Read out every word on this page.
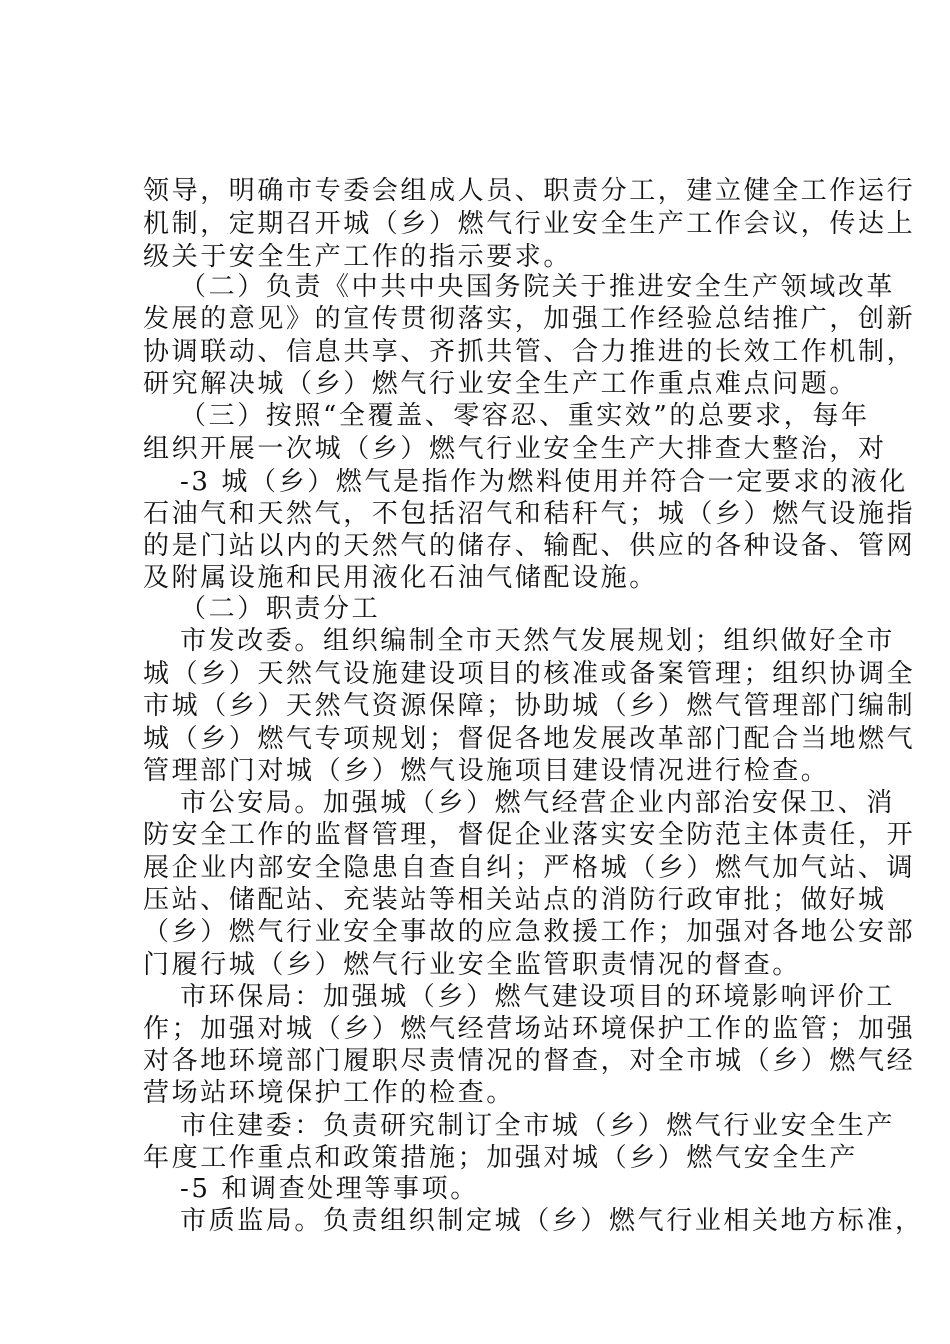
领导，明确市专委会组成人员、职责分工，建立健全工作运行
机制，定期召开城（乡）燃气行业安全生产工作会议，传达上
级关于安全生产工作的指示要求。
（二）负责《中共中央国务院关于推进安全生产领域改革
发展的意见》的宣传贯彻落实，加强工作经验总结推广，创新
协调联动、信息共享、齐抓共管、合力推进的长效工作机制，
研究解决城（乡）燃气行业安全生产工作重点难点问题。
（三）按照“全覆盖、零容忍、重实效”的总要求，每年
组织开展一次城（乡）燃气行业安全生产大排查大整治，对
-3 城（乡）燃气是指作为燃料使用并符合一定要求的液化
石油气和天然气，不包括沼气和秸秆气；城（乡）燃气设施指
的是门站以内的天然气的储存、输配、供应的各种设备、管网
及附属设施和民用液化石油气储配设施。
（二）职责分工
市发改委。组织编制全市天然气发展规划；组织做好全市
城（乡）天然气设施建设项目的核准或备案管理；组织协调全
市城（乡）天然气资源保障；协助城（乡）燃气管理部门编制
城（乡）燃气专项规划；督促各地发展改革部门配合当地燃气
管理部门对城（乡）燃气设施项目建设情况进行检查。
市公安局。加强城（乡）燃气经营企业内部治安保卫、消
防安全工作的监督管理，督促企业落实安全防范主体责任，开
展企业内部安全隐患自查自纠；严格城（乡）燃气加气站、调
压站、储配站、充装站等相关站点的消防行政审批；做好城
（乡）燃气行业安全事故的应急救援工作；加强对各地公安部
门履行城（乡）燃气行业安全监管职责情况的督查。
市环保局：加强城（乡）燃气建设项目的环境影响评价工
作；加强对城（乡）燃气经营场站环境保护工作的监管；加强
对各地环境部门履职尽责情况的督查，对全市城（乡）燃气经
营场站环境保护工作的检查。
市住建委：负责研究制订全市城（乡）燃气行业安全生产
年度工作重点和政策措施；加强对城（乡）燃气安全生产
-5 和调查处理等事项。
市质监局。负责组织制定城（乡）燃气行业相关地方标准，
